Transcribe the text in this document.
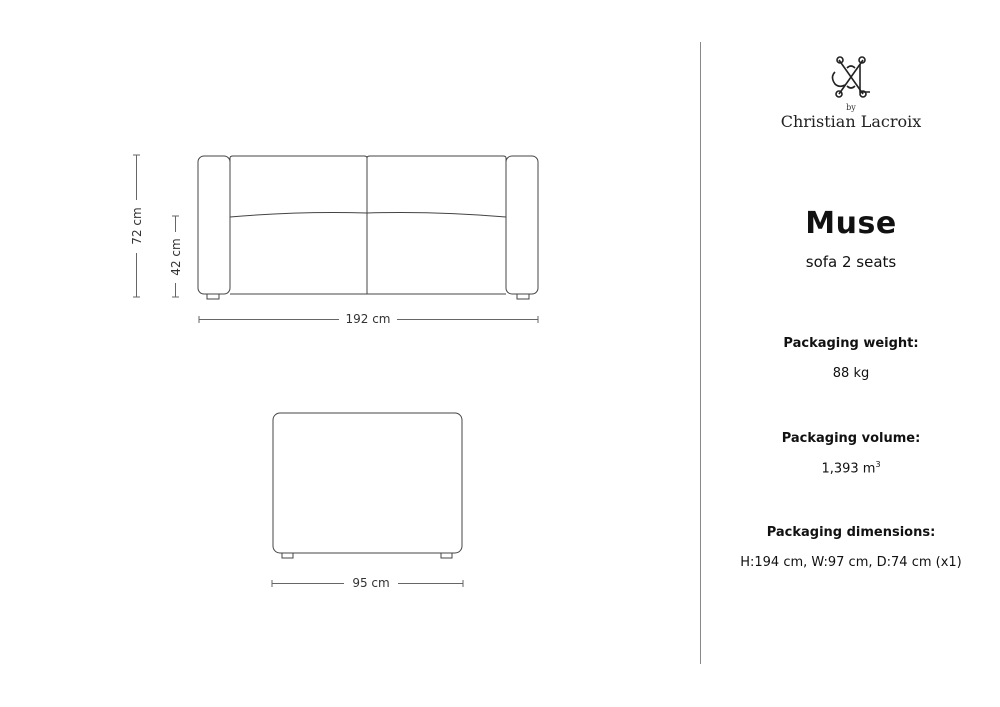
72 cm
42 cm
192 cm
95 cm
by
Christian Lacroix
Muse
sofa 2 seats
Packaging weight:
88 kg
Packaging volume:
1,393 $m^3$
Packaging dimensions:
H:194 cm, W:97 cm, D:74 cm (x1)
